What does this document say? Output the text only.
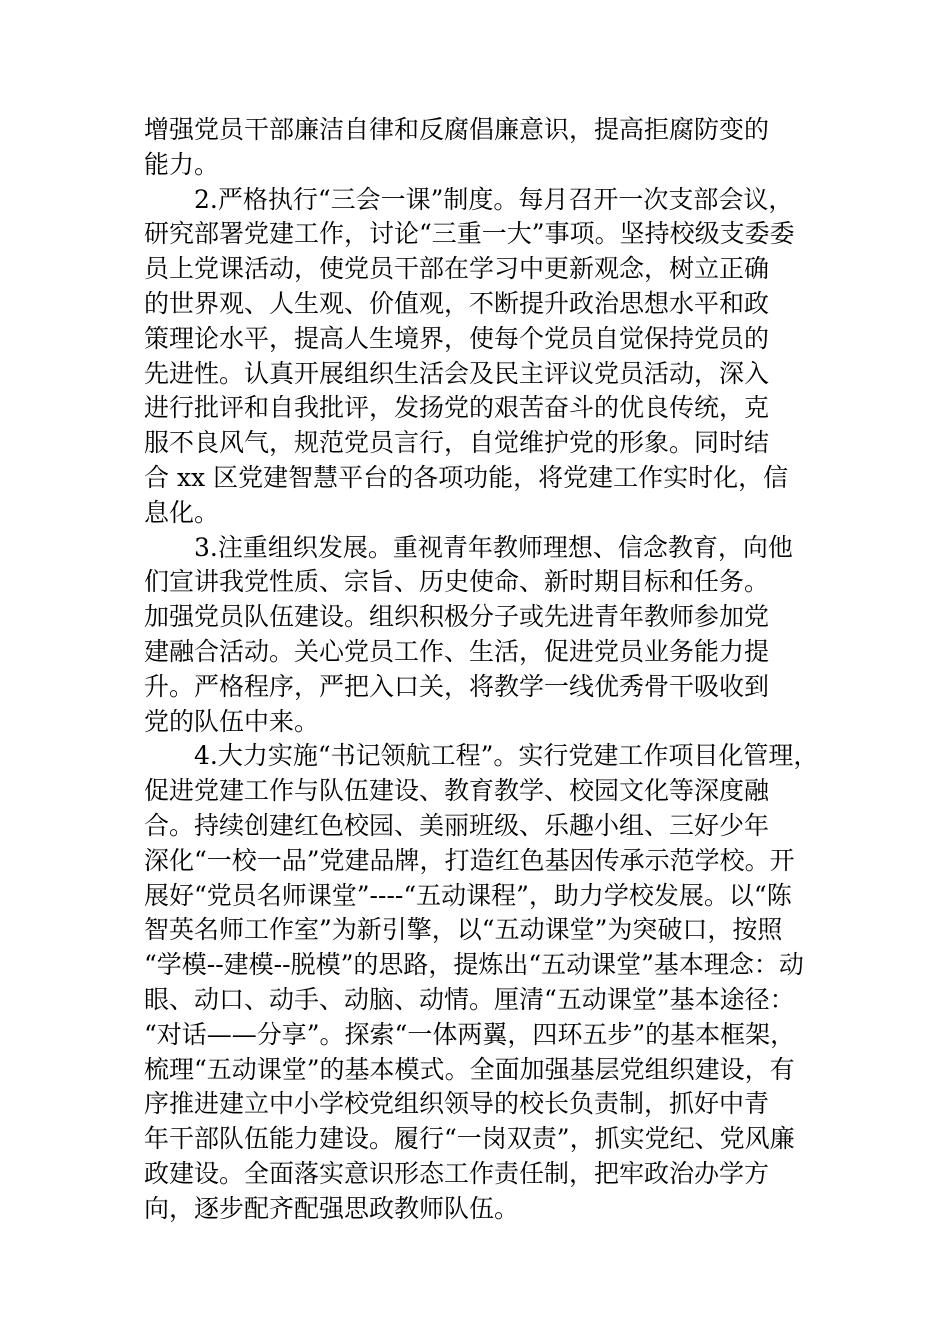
增强党员干部廉洁自律和反腐倡廉意识，提高拒腐防变的
能力。
2.严格执行“三会一课”制度。每月召开一次支部会议，
研究部署党建工作，讨论“三重一大”事项。坚持校级支委委
员上党课活动，使党员干部在学习中更新观念，树立正确
的世界观、人生观、价值观，不断提升政治思想水平和政
策理论水平，提高人生境界，使每个党员自觉保持党员的
先进性。认真开展组织生活会及民主评议党员活动，深入
进行批评和自我批评，发扬党的艰苦奋斗的优良传统，克
服不良风气，规范党员言行，自觉维护党的形象。同时结
合 xx 区党建智慧平台的各项功能，将党建工作实时化，信
息化。
3.注重组织发展。重视青年教师理想、信念教育，向他
们宣讲我党性质、宗旨、历史使命、新时期目标和任务。
加强党员队伍建设。组织积极分子或先进青年教师参加党
建融合活动。关心党员工作、生活，促进党员业务能力提
升。严格程序，严把入口关，将教学一线优秀骨干吸收到
党的队伍中来。
4.大力实施“书记领航工程”。实行党建工作项目化管理，
促进党建工作与队伍建设、教育教学、校园文化等深度融
合。持续创建红色校园、美丽班级、乐趣小组、三好少年
深化“一校一品”党建品牌，打造红色基因传承示范学校。开
展好“党员名师课堂”----“五动课程”，助力学校发展。以“陈
智英名师工作室”为新引擎，以“五动课堂”为突破口，按照
“学模--建模--脱模”的思路，提炼出“五动课堂”基本理念：动
眼、动口、动手、动脑、动情。厘清“五动课堂”基本途径：
“对话——分享”。探索“一体两翼，四环五步”的基本框架，
梳理“五动课堂”的基本模式。全面加强基层党组织建设，有
序推进建立中小学校党组织领导的校长负责制，抓好中青
年干部队伍能力建设。履行“一岗双责”，抓实党纪、党风廉
政建设。全面落实意识形态工作责任制，把牢政治办学方
向，逐步配齐配强思政教师队伍。
